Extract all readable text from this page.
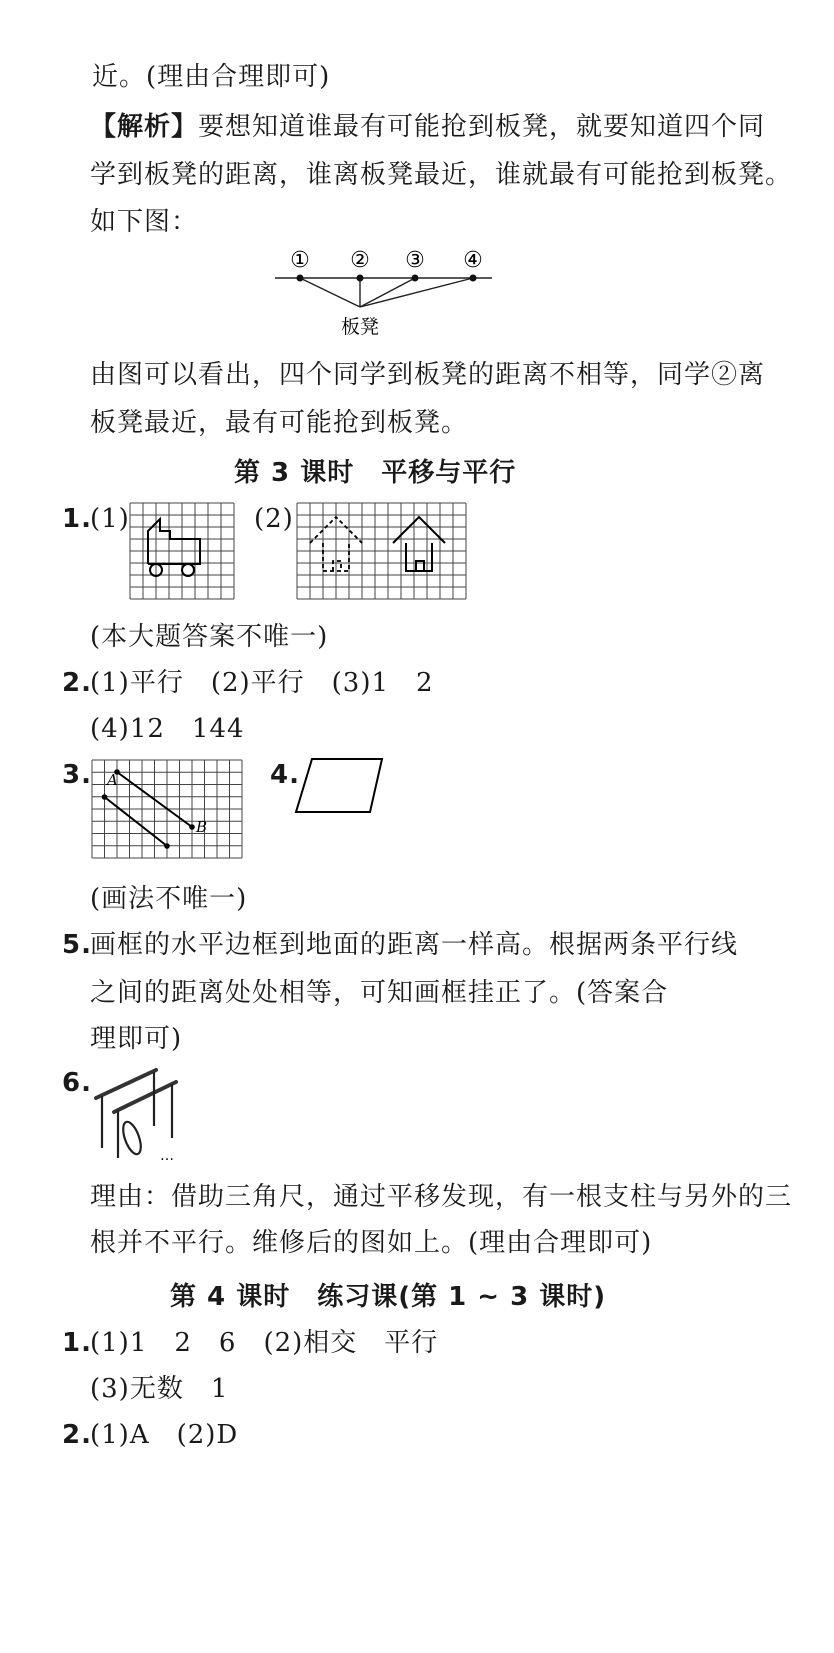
近。(理由合理即可)
【解析】要想知道谁最有可能抢到板凳，就要知道四个同
学到板凳的距离，谁离板凳最近，谁就最有可能抢到板凳。
如下图：
① ② ③ ④
板凳
由图可以看出，四个同学到板凳的距离不相等，同学②离
板凳最近，最有可能抢到板凳。
第 3 课时　平移与平行
1.
(1)	(2)
(本大题答案不唯一)
2.
(1)平行　(2)平行　(3)1　2
(4)12　144
3. A
B
4.
(画法不唯一)
5.
画框的水平边框到地面的距离一样高。根据两条平行线
之间的距离处处相等，可知画框挂正了。(答案合
理即可)
6.
…
理由：借助三角尺，通过平移发现，有一根支柱与另外的三
根并不平行。维修后的图如上。(理由合理即可)
第 4 课时　练习课(第 1 ~ 3 课时)
1.
(1)1　2　6　(2)相交　平行
(3)无数　1
2.
(1)A　(2)D
